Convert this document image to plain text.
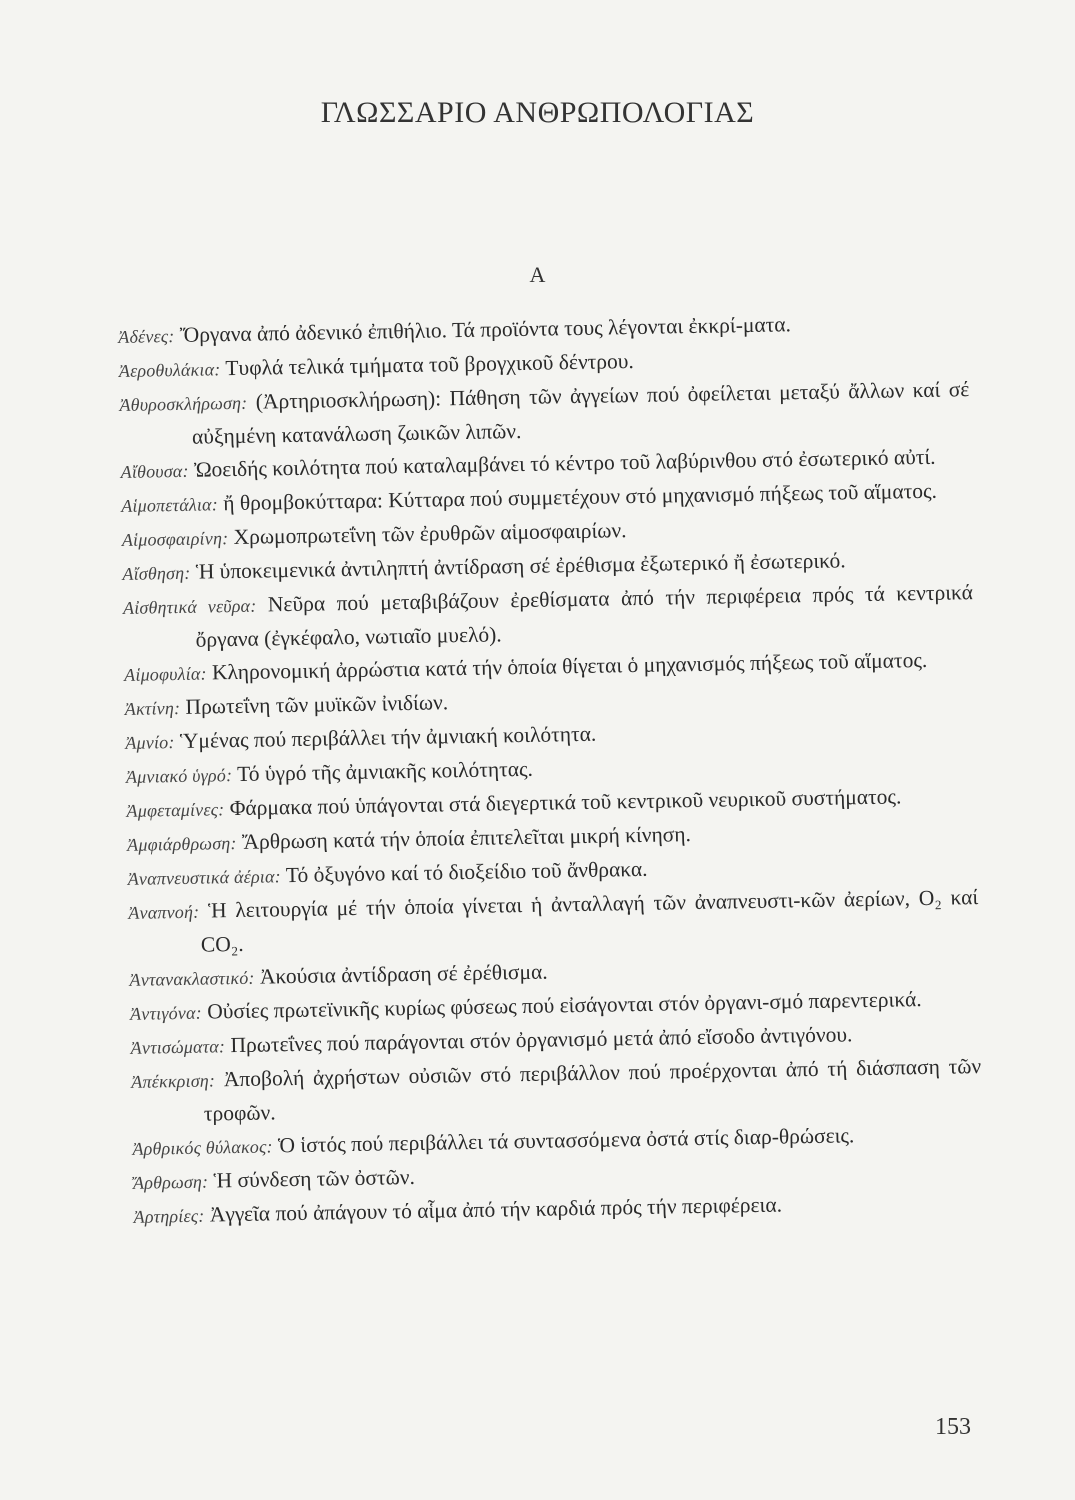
ΓΛΩΣΣΑΡΙΟ ΑΝΘΡΩΠΟΛΟΓΙΑΣ
Α

Ἀδένες: Ὄργανα ἀπό ἀδενικό ἐπιθήλιο. Τά προϊόντα τους λέγονται ἐκκρί-ματα.

Ἀεροθυλάκια: Τυφλά τελικά τμήματα τοῦ βρογχικοῦ δέντρου.

Ἀθυροσκλήρωση: (Ἀρτηριοσκλήρωση): Πάθηση τῶν ἀγγείων πού ὀφείλεται μεταξύ ἄλλων καί σέ αὐξημένη κατανάλωση ζωικῶν λιπῶν.

Αἴθουσα: Ὠοειδής κοιλότητα πού καταλαμβάνει τό κέντρο τοῦ λαβύρινθου στό ἐσωτερικό αὐτί.

Αἱμοπετάλια: ἤ θρομβοκύτταρα: Κύτταρα πού συμμετέχουν στό μηχανισμό πήξεως τοῦ αἵματος.

Αἱμοσφαιρίνη: Χρωμοπρωτεΐνη τῶν ἐρυθρῶν αἱμοσφαιρίων.

Αἴσθηση: Ἡ ὑποκειμενικά ἀντιληπτή ἀντίδραση σέ ἐρέθισμα ἐξωτερικό ἤ ἐσωτερικό.

Αἰσθητικά νεῦρα: Νεῦρα πού μεταβιβάζουν ἐρεθίσματα ἀπό τήν περιφέρεια πρός τά κεντρικά ὄργανα (ἐγκέφαλο, νωτιαῖο μυελό).

Αἱμοφυλία: Κληρονομική ἀρρώστια κατά τήν ὁποία θίγεται ὁ μηχανισμός πήξεως τοῦ αἵματος.

Ἀκτίνη: Πρωτεΐνη τῶν μυϊκῶν ἰνιδίων.

Ἀμνίο: Ὑμένας πού περιβάλλει τήν ἀμνιακή κοιλότητα.

Ἀμνιακό ὑγρό: Τό ὑγρό τῆς ἀμνιακῆς κοιλότητας.

Ἀμφεταμίνες: Φάρμακα πού ὑπάγονται στά διεγερτικά τοῦ κεντρικοῦ νευρικοῦ συστήματος.

Ἀμφιάρθρωση: Ἄρθρωση κατά τήν ὁποία ἐπιτελεῖται μικρή κίνηση.

Ἀναπνευστικά ἀέρια: Τό ὀξυγόνο καί τό διοξείδιο τοῦ ἄνθρακα.

Ἀναπνοή: Ἡ λειτουργία μέ τήν ὁποία γίνεται ἡ ἀνταλλαγή τῶν ἀναπνευστι-κῶν ἀερίων, O₂ καί CO₂.

Ἀντανακλαστικό: Ἀκούσια ἀντίδραση σέ ἐρέθισμα.

Ἀντιγόνα: Οὐσίες πρωτεϊνικῆς κυρίως φύσεως πού εἰσάγονται στόν ὀργανι-σμό παρεντερικά.

Ἀντισώματα: Πρωτεΐνες πού παράγονται στόν ὀργανισμό μετά ἀπό εἴσοδο ἀντιγόνου.

Ἀπέκκριση: Ἀποβολή ἀχρήστων οὐσιῶν στό περιβάλλον πού προέρχονται ἀπό τή διάσπαση τῶν τροφῶν.

Ἀρθρικός θύλακος: Ὁ ἱστός πού περιβάλλει τά συντασσόμενα ὀστά στίς διαρ-θρώσεις.

Ἄρθρωση: Ἡ σύνδεση τῶν ὀστῶν.

Ἀρτηρίες: Ἀγγεῖα πού ἀπάγουν τό αἷμα ἀπό τήν καρδιά πρός τήν περιφέρεια.

153
